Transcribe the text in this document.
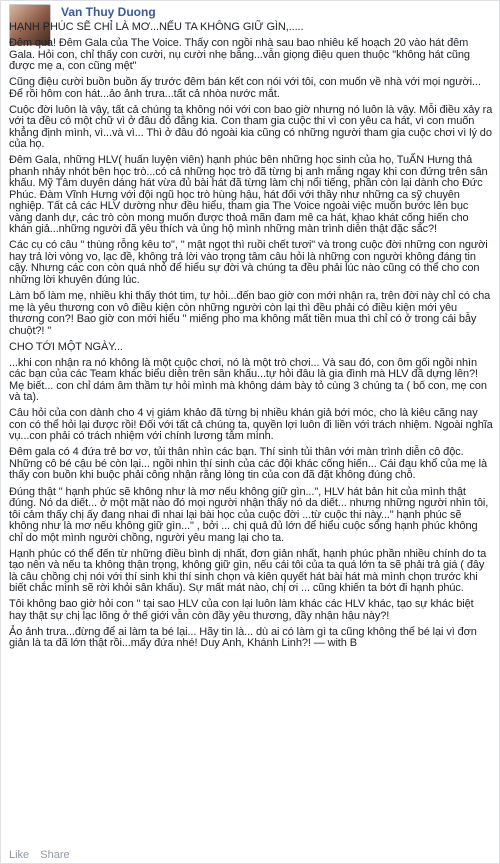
Van Thuy Duong
HẠNH PHÚC SẼ CHỈ LÀ MƠ...NẾU TA KHÔNG GIỮ GÌN,.....
Đêm qua! Đêm Gala của The Voice. Thấy con ngồi nhà sau bao nhiêu kế hoạch 20 vào hát đêm Gala. Hỏi con, chỉ thấy con cười, nụ cười nhẹ bẫng...vẫn giọng điệu quen thuộc "không hát cũng được mẹ a, con cũng mệt"
Cũng điệu cười buồn buồn ấy trước đêm bán kết con nói với tôi, con muốn về nhà với mọi người... Để rồi hôm con hát...ảo ảnh trưa...tất cả nhòa nước mắt.
Cuộc đời luôn là vậy, tất cả chúng ta không nói với con bao giờ nhưng nó luôn là vậy. Mỗi điều xảy ra với ta đều có một chữ vì ở đâu đó đằng kia. Con tham gia cuộc thi vì con yêu ca hát, vì con muốn khẳng định mình, vì...và vì... Thì ở đâu đó ngoài kia cũng có những người tham gia cuộc chơi vì lý do của họ.
Đêm Gala, những HLV( huấn luyện viên) hạnh phúc bên những học sinh của họ, TuẤN Hưng thả phanh nhảy nhót bên học trò...có cả những học trò đã từng bị anh mắng ngay khi con đứng trên sân khấu. Mỹ Tâm duyên dáng hát vừa đủ bài hát đã từng làm chị nổi tiếng, phần còn lại dành cho Đức Phúc. Đàm Vĩnh Hưng với đội ngũ học trò hùng hậu, hát đối với thầy như những ca sỹ chuyên nghiệp. Tất cả các HLV dường như đều hiểu, tham gia The Voice ngoài việc muốn bước lên bục vàng danh dự, các trò còn mong muốn được thoả mãn đam mê ca hát, khao khát cống hiến cho khán giả...những người đã yêu thích và ủng hộ mình những màn trình diễn thật đặc sắc?!
Các cụ có câu " thùng rỗng kêu to", " mật ngọt thì ruồi chết tươi" và trong cuộc đời những con người hay trả lời vòng vo, lạc đề, không trả lời vào trọng tâm câu hỏi là những con người không đáng tin cậy. Nhưng các con còn quá nhỏ để hiểu sự đời và chúng ta đều phải lúc nào cũng có thể cho con những lời khuyên đúng lúc.
Làm bố làm mẹ, nhiều khi thấy thót tim, tự hỏi...đến bao giờ con mới nhận ra, trên đời này chỉ có cha mẹ là yêu thương con vô điều kiện còn những người còn lại thì đều phải có điều kiện mới yêu thương con?! Bao giờ con mới hiểu " miếng pho ma không mất tiền mua thì chỉ có ở trong cái bẫy chuột?! "
CHO TỚI MỘT NGÀY...
...khi con nhận ra nó không là một cuộc chơi, nó là một trò chơi... Và sau đó, con ôm gối ngồi nhìn các bạn của các Team khác biểu diễn trên sân khấu...tự hỏi đâu là gia đình mà HLV đã dựng lên?! Mẹ biết... con chỉ dám âm thầm tự hỏi mình mà không dám bày tỏ cùng 3 chúng ta ( bố con, mẹ con và ta).
Câu hỏi của con dành cho 4 vị giám khảo đã từng bị nhiều khán giả bới móc, cho là kiêu căng nay con có thể hỏi lại được rồi! Đối với tất cả chúng ta, quyền lợi luôn đi liền với trách nhiệm. Ngoài nghĩa vụ...con phải có trách nhiệm với chính lương tâm mình.
Đêm gala có 4 đứa trẻ bơ vơ, tủi thân nhìn các bạn. Thí sinh tủi thân với màn trình diễn cô độc. Những cô bé cậu bé còn lại... ngồi nhìn thí sinh của các đội khác cống hiến... Cái đau khổ của mẹ là thấy con buồn khi buộc phải công nhận rằng lòng tin của con đã đặt không đúng chỗ.
Đúng thật " hạnh phúc sẽ không như là mơ nếu không giữ gìn...", HLV hát bản hit của mình thật đúng. Nó da diết... ở một mặt nào đó mọi người nhận thấy nó da diết... nhưng những người nhìn tôi, tôi cảm thấy chị ấy đang nhai đi nhai lại bài học của cuộc đời ...từ cuộc thi này..." hạnh phúc sẽ không như là mơ nếu không giữ gìn..." , bởi ... chị quả đủ lớn để hiểu cuộc sống hạnh phúc không chỉ do một mình người chồng, người yêu mang lại cho ta.
Hạnh phúc có thể đến từ những điều bình dị nhất, đơn giản nhất, hạnh phúc phần nhiều chính do ta tạo nên và nếu ta không thận trọng, không giữ gìn, nếu cái tôi của ta quá lớn ta sẽ phải trả giá ( đây là câu chồng chị nói với thí sinh khi thí sinh chọn và kiên quyết hát bài hát mà mình chọn trước khi biết chắc mình sẽ rời khỏi sân khấu). Sự mất mát nào, chị ơi ... cũng khiến ta bớt đi hạnh phúc.
Tôi không bao giờ hỏi con " tại sao HLV của con lại luôn làm khác các HLV khác, tạo sự khác biệt hay thật sự chị lạc lõng ở thế giới vẫn còn đầy yêu thương, đầy nhận hậu này?!
Ảo ảnh trưa...đừng để ai làm ta bé lại... Hãy tin là... dù ai có làm gì ta cũng không thể bé lại vì đơn giản là ta đã lớn thật rồi...mấy đứa nhé! Duy Anh, Khánh Linh?! — with B
Like Share
